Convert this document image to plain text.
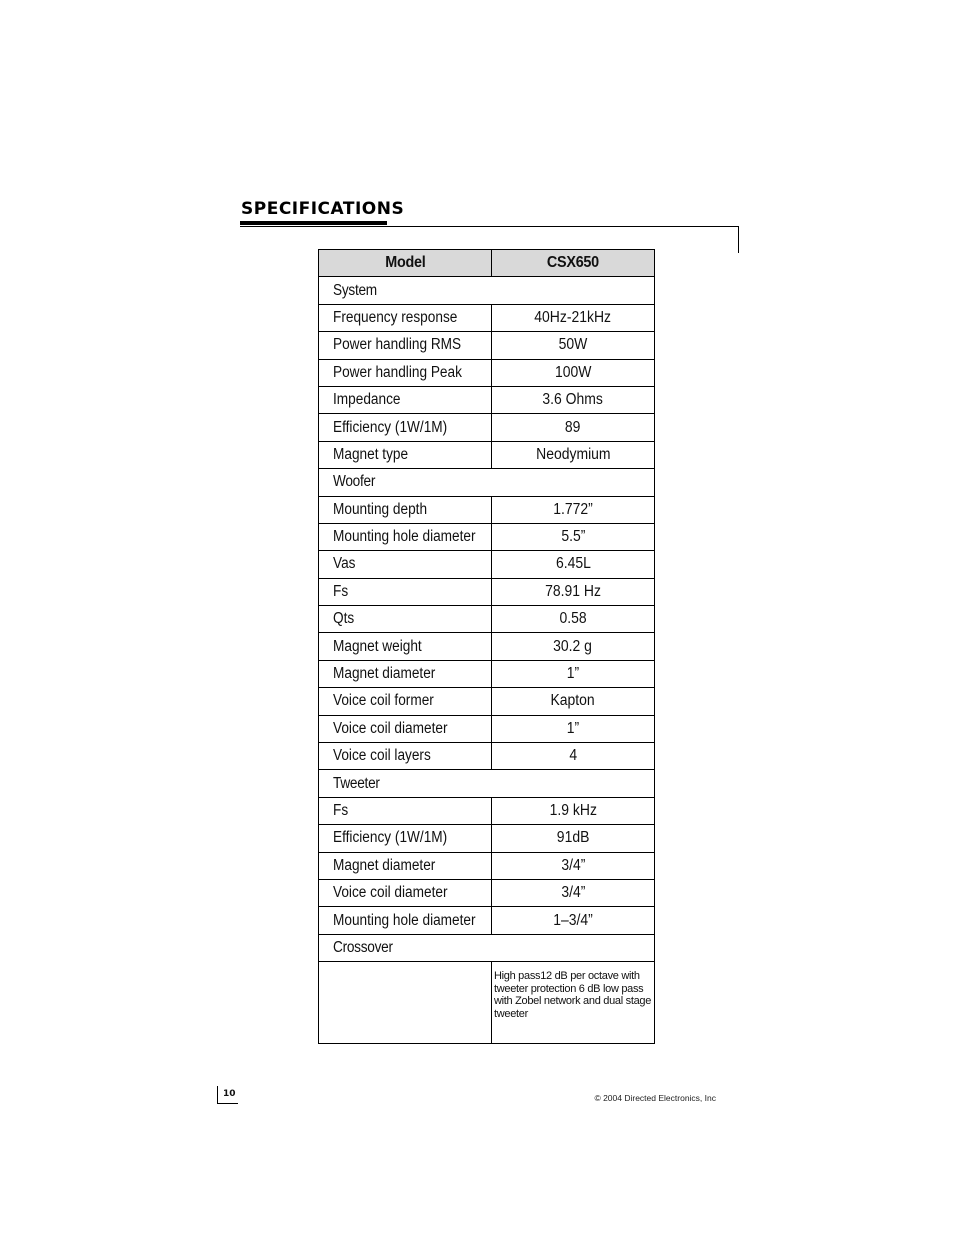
SPECIFICATIONS
Model	CSX650
System	
Frequency response	40Hz-21kHz
Power handling RMS	50W
Power handling Peak	100W
Impedance	3.6 Ohms
Efficiency (1W/1M)	89
Magnet type	Neodymium
Woofer	
Mounting depth	1.772”
Mounting hole diameter	5.5”
Vas	6.45L
Fs	78.91 Hz
Qts	0.58
Magnet weight	30.2 g
Magnet diameter	1”
Voice coil former	Kapton
Voice coil diameter	1”
Voice coil layers	4
Tweeter	
Fs	1.9 kHz
Efficiency (1W/1M)	91dB
Magnet diameter	3/4”
Voice coil diameter	3/4”
Mounting hole diameter	1–3/4”
Crossover	
	High pass12 dB per octave with tweeter protection 6 dB low pass with Zobel network and dual stage tweeter
10	© 2004 Directed Electronics, Inc
